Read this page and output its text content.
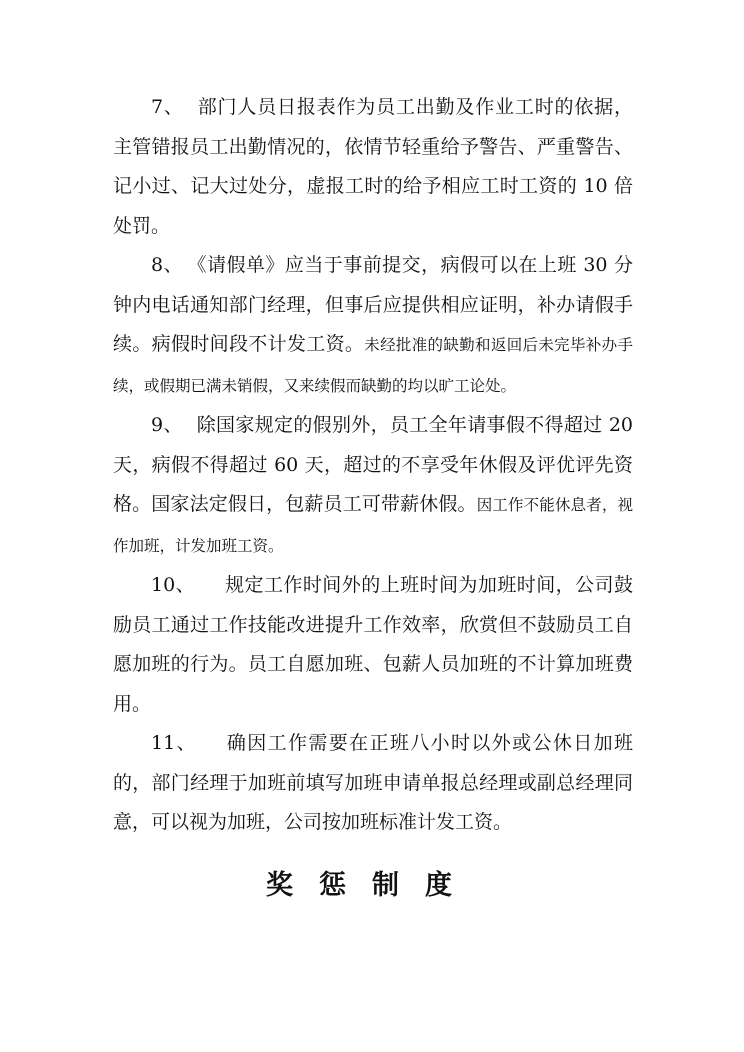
7、 部门人员日报表作为员工出勤及作业工时的依据，主管错报员工出勤情况的，依情节轻重给予警告、严重警告、记小过、记大过处分，虚报工时的给予相应工时工资的 10 倍处罚。

8、 《请假单》应当于事前提交，病假可以在上班 30 分钟内电话通知部门经理，但事后应提供相应证明，补办请假手续。病假时间段不计发工资。未经批准的缺勤和返回后未完毕补办手续，或假期已满未销假，又来续假而缺勤的均以旷工论处。

9、 除国家规定的假别外，员工全年请事假不得超过 20 天，病假不得超过 60 天，超过的不享受年休假及评优评先资格。国家法定假日，包薪员工可带薪休假。因工作不能休息者，视作加班，计发加班工资。

10、 规定工作时间外的上班时间为加班时间，公司鼓励员工通过工作技能改进提升工作效率，欣赏但不鼓励员工自愿加班的行为。员工自愿加班、包薪人员加班的不计算加班费用。

11、 确因工作需要在正班八小时以外或公休日加班的，部门经理于加班前填写加班申请单报总经理或副总经理同意，可以视为加班，公司按加班标准计发工资。

奖惩制度
